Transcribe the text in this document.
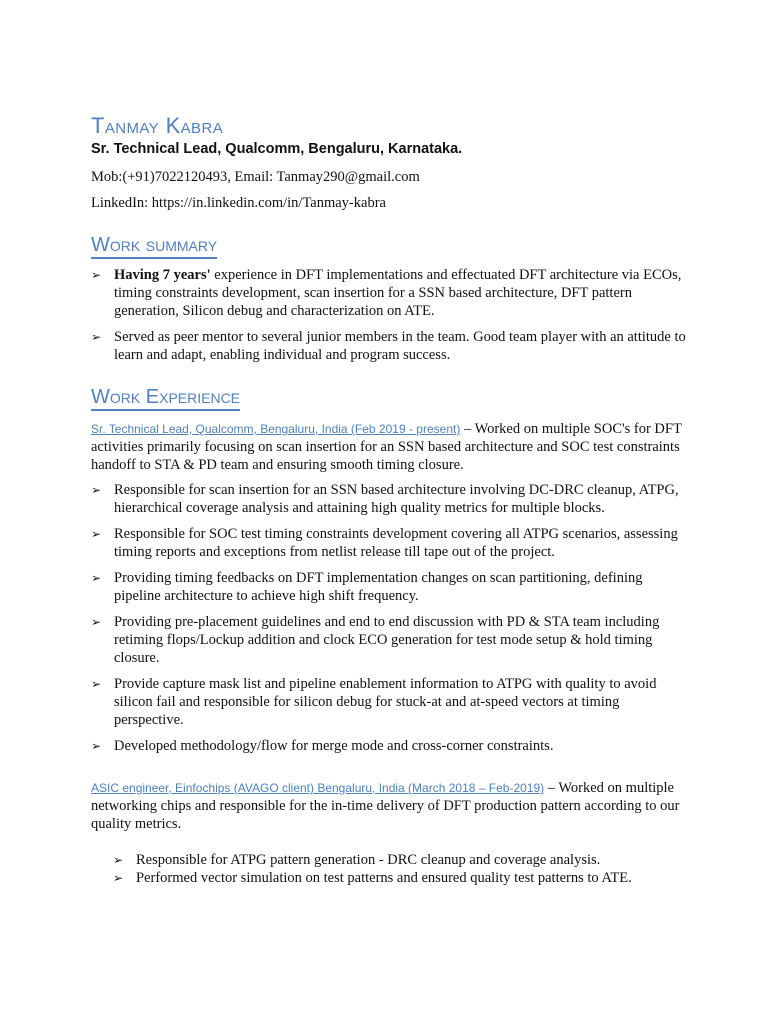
Tanmay Kabra
Sr. Technical Lead, Qualcomm, Bengaluru, Karnataka.
Mob:(+91)7022120493, Email: Tanmay290@gmail.com
LinkedIn: https://in.linkedin.com/in/Tanmay-kabra
Work summary
➢ Having 7 years' experience in DFT implementations and effectuated DFT architecture via ECOs, timing constraints development, scan insertion for a SSN based architecture, DFT pattern generation, Silicon debug and characterization on ATE.
➢ Served as peer mentor to several junior members in the team. Good team player with an attitude to learn and adapt, enabling individual and program success.
Work Experience
Sr. Technical Lead, Qualcomm, Bengaluru, India (Feb 2019 - present) – Worked on multiple SOC's for DFT activities primarily focusing on scan insertion for an SSN based architecture and SOC test constraints handoff to STA & PD team and ensuring smooth timing closure.
➢ Responsible for scan insertion for an SSN based architecture involving DC-DRC cleanup, ATPG, hierarchical coverage analysis and attaining high quality metrics for multiple blocks.
➢ Responsible for SOC test timing constraints development covering all ATPG scenarios, assessing timing reports and exceptions from netlist release till tape out of the project.
➢ Providing timing feedbacks on DFT implementation changes on scan partitioning, defining pipeline architecture to achieve high shift frequency.
➢ Providing pre-placement guidelines and end to end discussion with PD & STA team including retiming flops/Lockup addition and clock ECO generation for test mode setup & hold timing closure.
➢ Provide capture mask list and pipeline enablement information to ATPG with quality to avoid silicon fail and responsible for silicon debug for stuck-at and at-speed vectors at timing perspective.
➢ Developed methodology/flow for merge mode and cross-corner constraints.
ASIC engineer, Einfochips (AVAGO client) Bengaluru, India (March 2018 – Feb-2019) – Worked on multiple networking chips and responsible for the in-time delivery of DFT production pattern according to our quality metrics.
➢ Responsible for ATPG pattern generation - DRC cleanup and coverage analysis.
➢ Performed vector simulation on test patterns and ensured quality test patterns to ATE.
